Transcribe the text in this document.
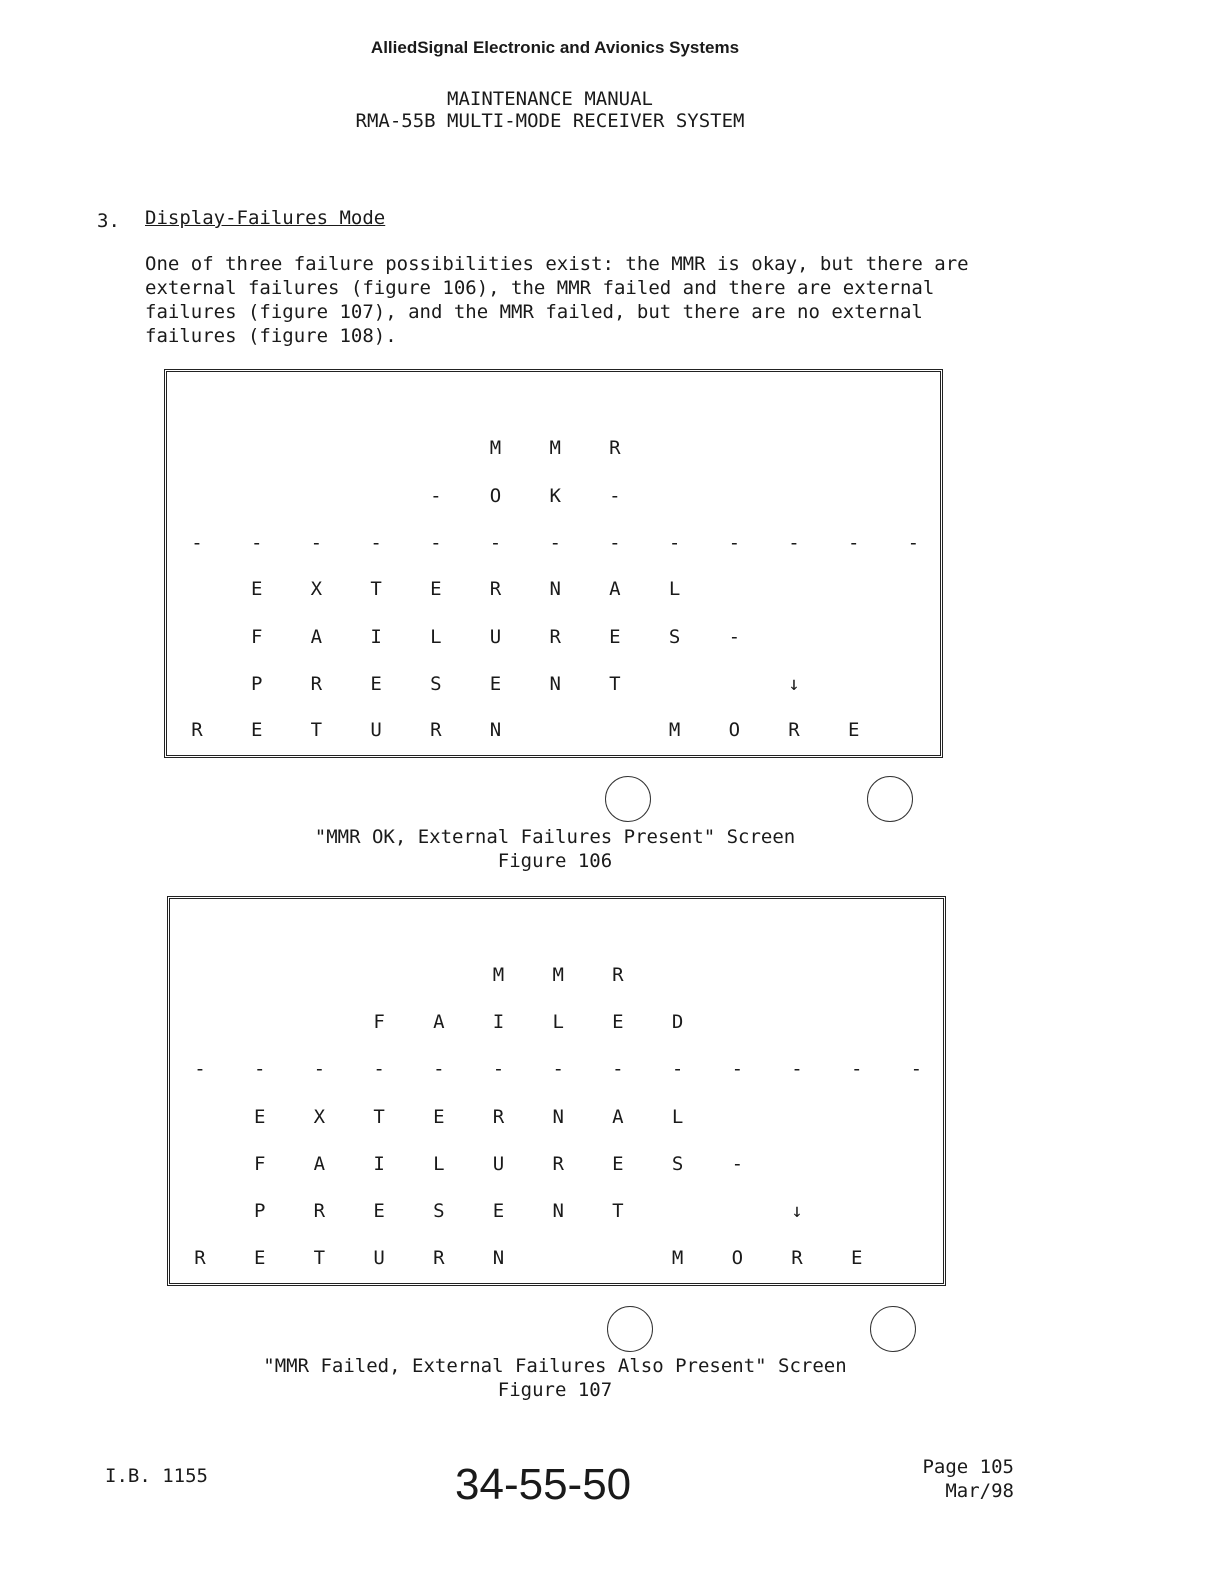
AlliedSignal Electronic and Avionics Systems
MAINTENANCE MANUAL
RMA-55B MULTI-MODE RECEIVER SYSTEM
3. Display-Failures Mode
One of three failure possibilities exist: the MMR is okay, but there are
external failures (figure 106), the MMR failed and there are external
failures (figure 107), and the MMR failed, but there are no external
failures (figure 108).
M	M	R
-	O	K	-
-	-	-	-	-	-	-	-	-	-	-	-	-
E	X	T	E	R	N	A	L
F	A	I	L	U	R	E	S	-
P	R	E	S	E	N	T	↓
R	E	T	U	R	N	M	O	R	E
"MMR OK, External Failures Present" Screen
Figure 106
M	M	R
F	A	I	L	E	D
-	-	-	-	-	-	-	-	-	-	-	-	-
E	X	T	E	R	N	A	L
F	A	I	L	U	R	E	S	-
P	R	E	S	E	N	T	↓
R	E	T	U	R	N	M	O	R	E
"MMR Failed, External Failures Also Present" Screen
Figure 107
I.B. 1155	34-55-50	Page 105
Mar/98
